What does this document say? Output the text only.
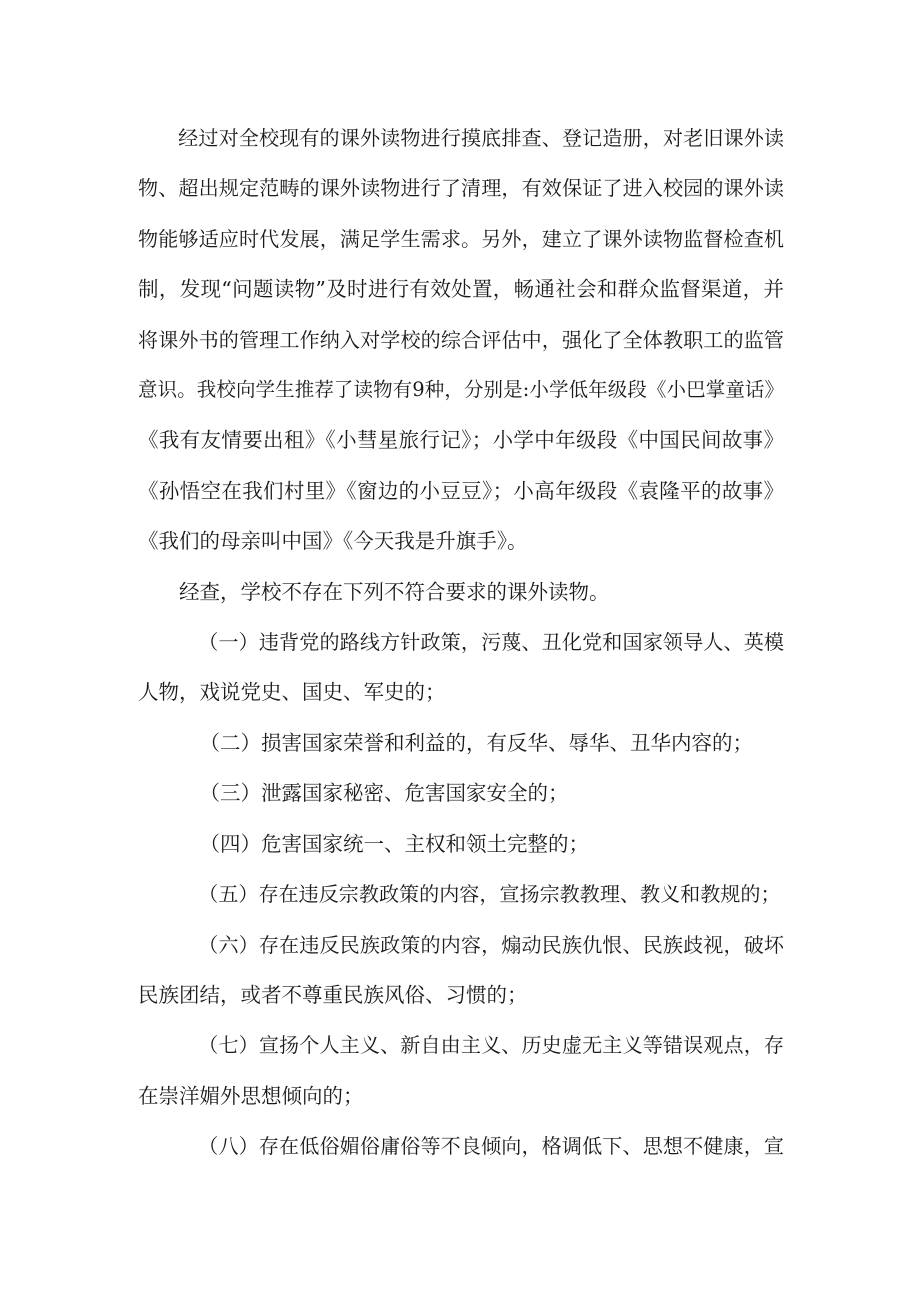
经过对全校现有的课外读物进行摸底排查、登记造册，对老旧课外读
物、超出规定范畴的课外读物进行了清理，有效保证了进入校园的课外读
物能够适应时代发展，满足学生需求。另外，建立了课外读物监督检查机
制，发现“问题读物”及时进行有效处置，畅通社会和群众监督渠道，并
将课外书的管理工作纳入对学校的综合评估中，强化了全体教职工的监管
意识。我校向学生推荐了读物有9种，分别是:小学低年级段《小巴掌童话》
《我有友情要出租》《小彗星旅行记》；小学中年级段《中国民间故事》
《孙悟空在我们村里》《窗边的小豆豆》；小高年级段《袁隆平的故事》
《我们的母亲叫中国》《今天我是升旗手》。
经查，学校不存在下列不符合要求的课外读物。
（一）违背党的路线方针政策，污蔑、丑化党和国家领导人、英模
人物，戏说党史、国史、军史的；
（二）损害国家荣誉和利益的，有反华、辱华、丑华内容的；
（三）泄露国家秘密、危害国家安全的；
（四）危害国家统一、主权和领土完整的；
（五）存在违反宗教政策的内容，宣扬宗教教理、教义和教规的；
（六）存在违反民族政策的内容，煽动民族仇恨、民族歧视，破坏
民族团结，或者不尊重民族风俗、习惯的；
（七）宣扬个人主义、新自由主义、历史虚无主义等错误观点，存
在崇洋媚外思想倾向的；
（八）存在低俗媚俗庸俗等不良倾向，格调低下、思想不健康，宣
